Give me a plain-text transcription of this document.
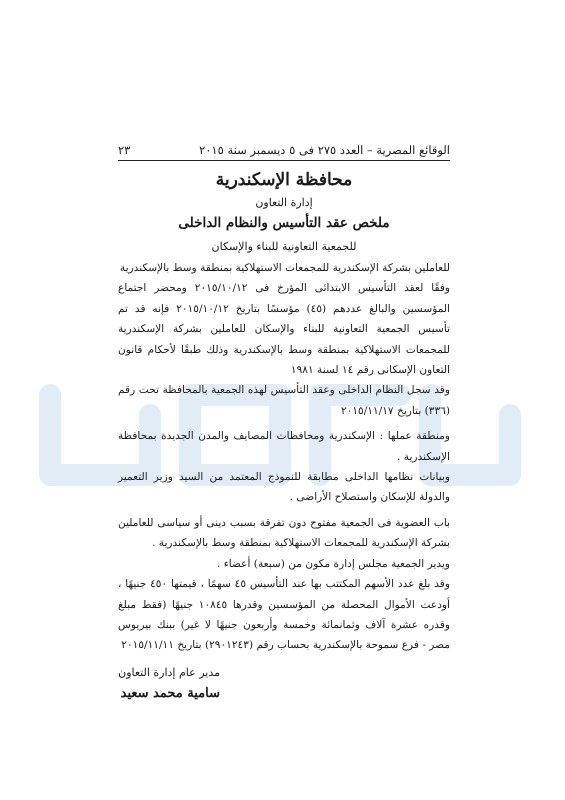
الوقائع المصرية – العدد ٢٧٥ فى ٥ ديسمبر سنة ٢٠١٥
٢٣
محافظة الإسكندرية
إدارة التعاون
ملخص عقد التأسيس والنظام الداخلى
للجمعية التعاونية للبناء والإسكان

للعاملين بشركة الإسكندرية للمجمعات الاستهلاكية بمنطقة وسط بالإسكندرية

وفقًا لعقد التأسيس الابتدائى المؤرخ فى ٢٠١٥/١٠/١٢ ومحضر اجتماع المؤسسين والبالغ عددهم (٤٥) مؤسسًا بتاريخ ٢٠١٥/١٠/١٢ فإنه قد تم تأسيس الجمعية التعاونية للبناء والإسكان للعاملين بشركة الإسكندرية للمجمعات الاستهلاكية بمنطقة وسط بالإسكندرية وذلك طبقًا لأحكام قانون التعاون الإسكانى رقم ١٤ لسنة ١٩٨١

وقد سجل النظام الداخلى وعقد التأسيس لهذه الجمعية بالمحافظة تحت رقم (٣٣٦) بتاريخ ٢٠١٥/١١/١٧

ومنطقة عملها : الإسكندرية ومحافظات المصايف والمدن الجديدة بمحافظة الإسكندرية .

وبيانات نظامها الداخلى مطابقة للنموذج المعتمد من السيد وزير التعمير والدولة للإسكان واستصلاح الأراضى .

باب العضوية فى الجمعية مفتوح دون تفرقة بسبب دينى أو سياسى للعاملين بشركة الإسكندرية للمجمعات الاستهلاكية بمنطقة وسط بالإسكندرية .

ويدير الجمعية مجلس إدارة مكون من (سبعة) أعضاء .

وقد بلغ عدد الأسهم المكتتب بها عند التأسيس ٤٥ سهمًا ، قيمتها ٤٥٠ جنيهًا ، أودعت الأموال المحصلة من المؤسسين وقدرها ١٠٨٤٥ جنيهًا (فقط مبلغ وقدره عشرة آلاف وثمانمائة وخمسة وأربعون جنيهًا لا غير) ببنك بيريوس مصر - فرع سموحة بالإسكندرية بحساب رقم (٢٩٠١٢٤٣) بتاريخ ٢٠١٥/١١/١١

مدير عام إدارة التعاون
سامية محمد سعيد
